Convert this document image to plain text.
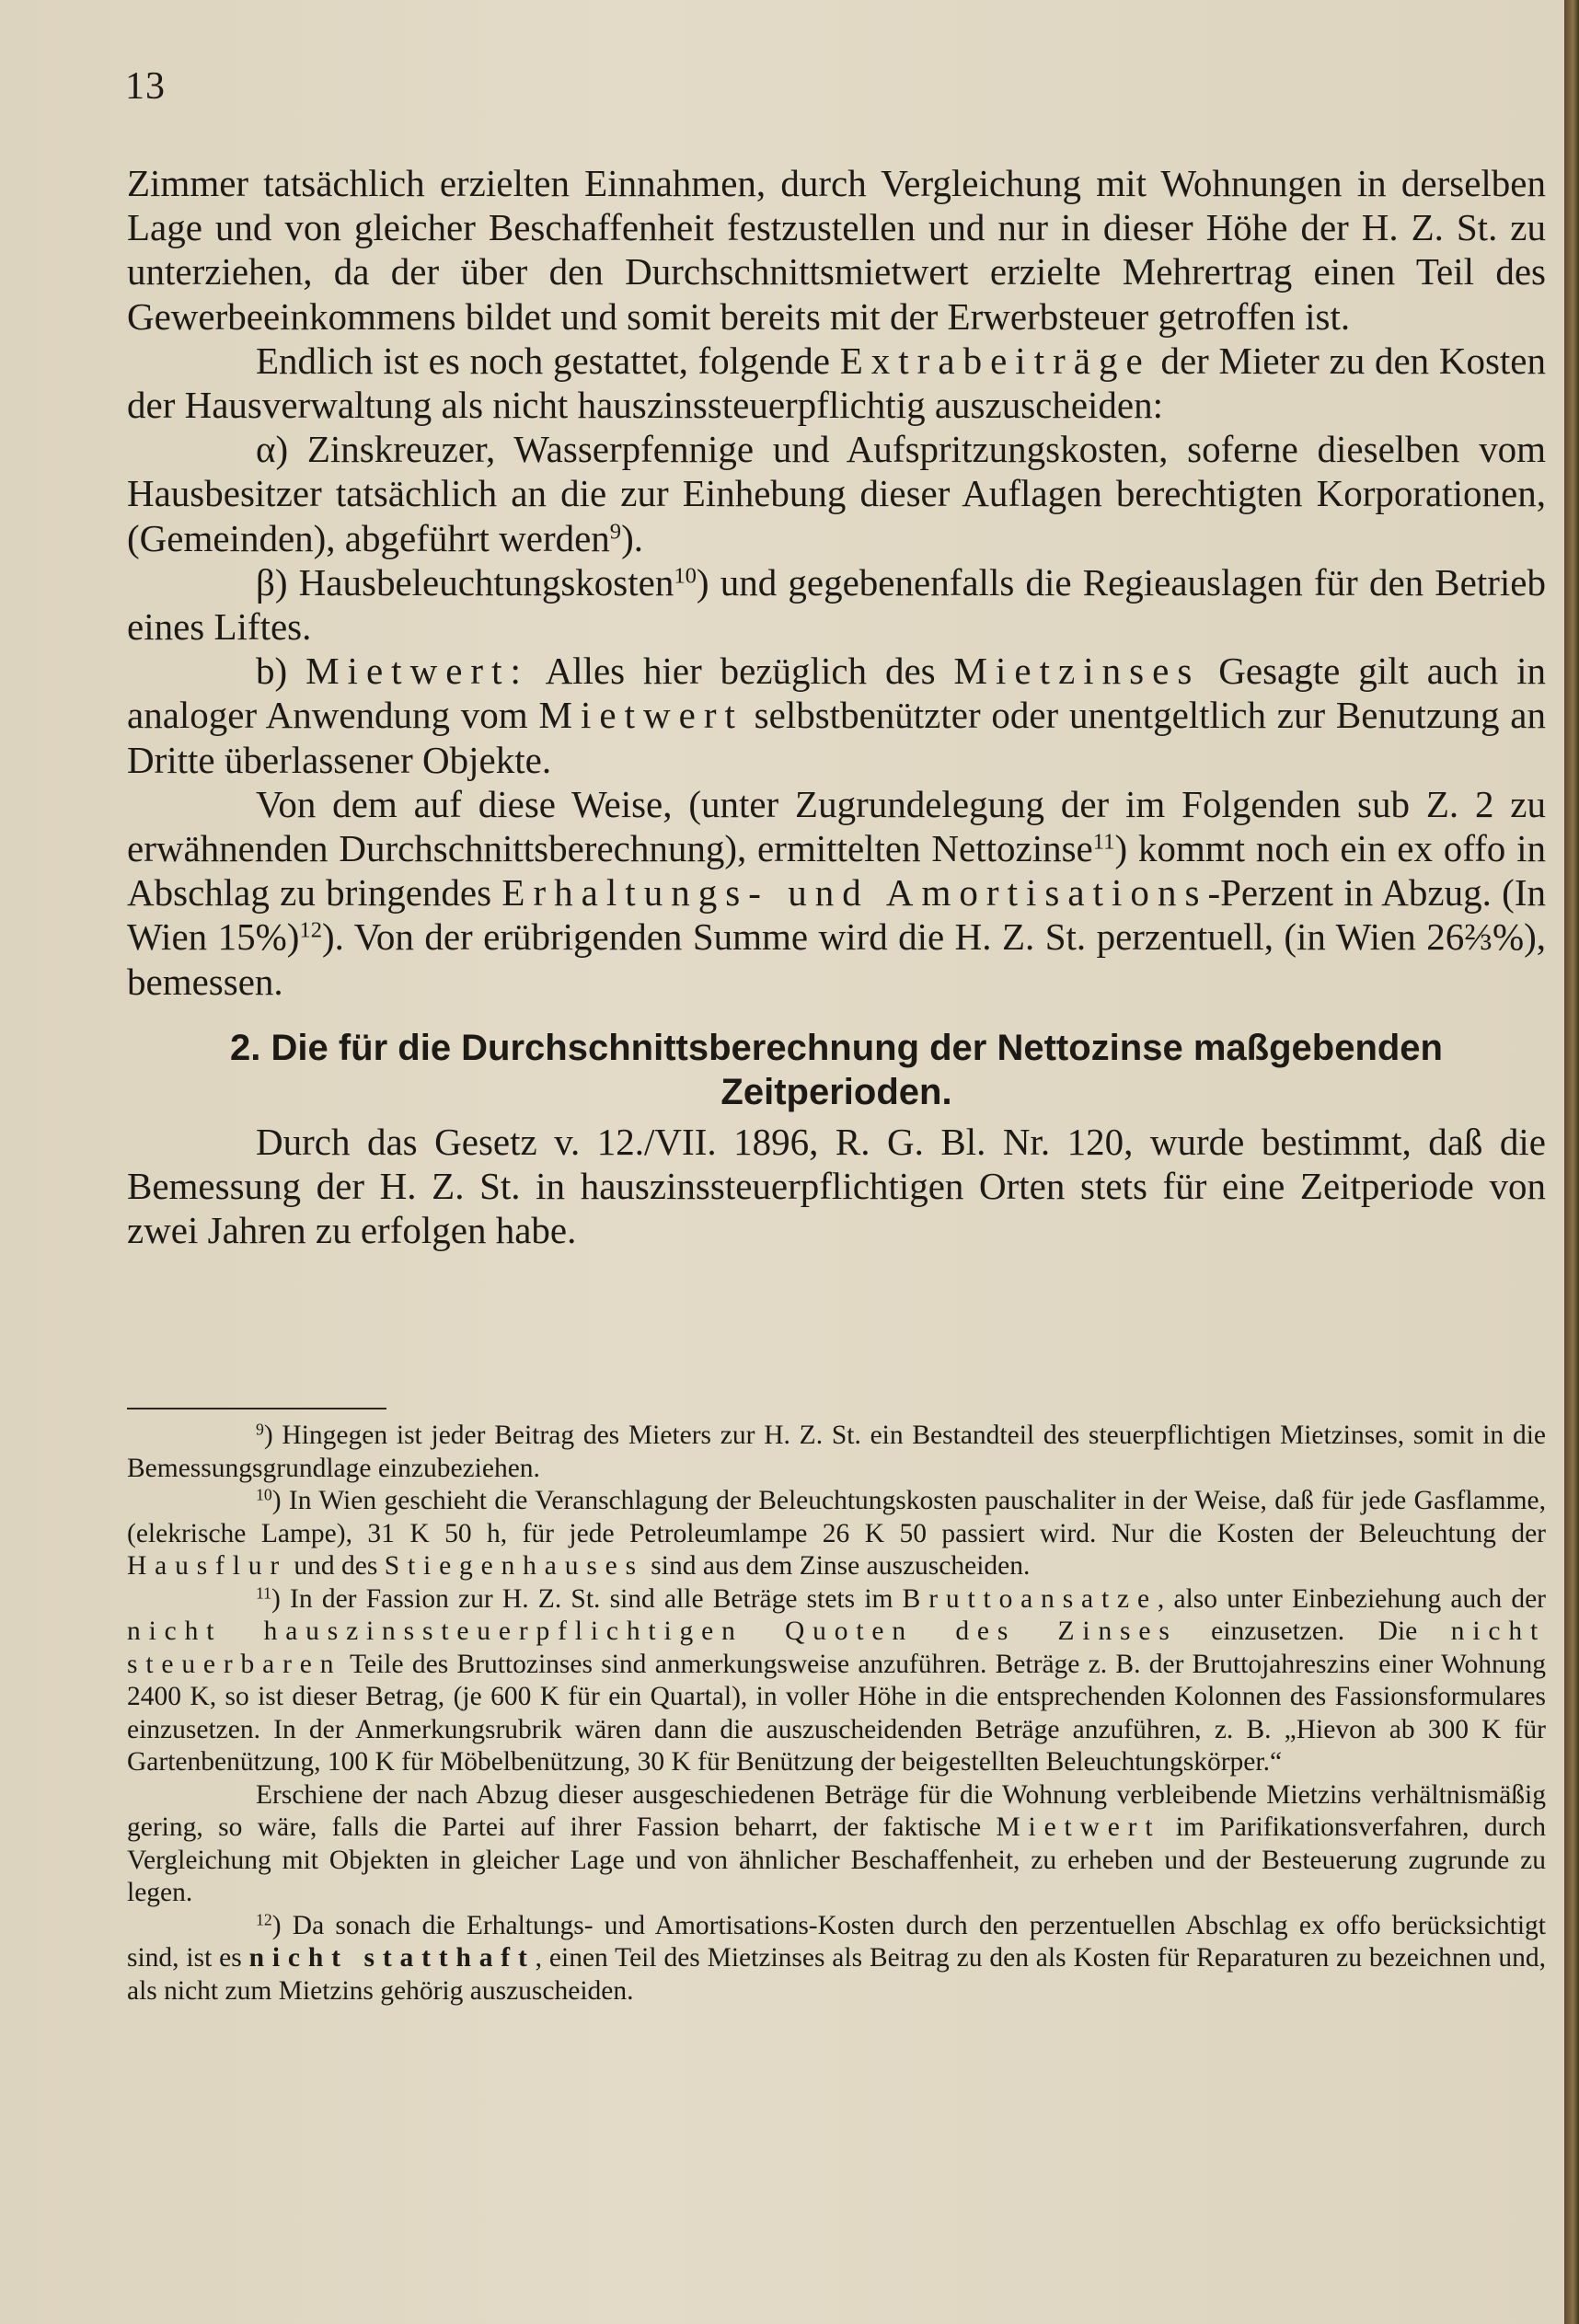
13

Zimmer tatsächlich erzielten Einnahmen, durch Vergleichung mit Wohnungen in derselben Lage und von gleicher Beschaffenheit festzustellen und nur in dieser Höhe der H. Z. St. zu unterziehen, da der über den Durchschnittsmietwert erzielte Mehrertrag einen Teil des Gewerbeeinkommens bildet und somit bereits mit der Erwerbsteuer getroffen ist.

Endlich ist es noch gestattet, folgende Extrabeiträge der Mieter zu den Kosten der Hausverwaltung als nicht hauszinssteuerpflichtig auszuscheiden:

α) Zinskreuzer, Wasserpfennige und Aufspritzungskosten, soferne dieselben vom Hausbesitzer tatsächlich an die zur Einhebung dieser Auflagen berechtigten Korporationen, (Gemeinden), abgeführt werden$^9$).

β) Hausbeleuchtungskosten$^{10}$) und gegebenenfalls die Regieauslagen für den Betrieb eines Liftes.

b) Mietwert: Alles hier bezüglich des Mietzinses Gesagte gilt auch in analoger Anwendung vom Mietwert selbstbenützter oder unentgeltlich zur Benutzung an Dritte überlassener Objekte.

Von dem auf diese Weise, (unter Zugrundelegung der im Folgenden sub Z. 2 zu erwähnenden Durchschnittsberechnung), ermittelten Nettozinse$^{11}$) kommt noch ein ex offo in Abschlag zu bringendes Erhaltungs- und Amortisations-Perzent in Abzug. (In Wien 15%)$^{12}$). Von der erübrigenden Summe wird die H. Z. St. perzentuell, (in Wien 26⅔%), bemessen.

2. Die für die Durchschnittsberechnung der Nettozinse maßgebenden Zeitperioden.

Durch das Gesetz v. 12./VII. 1896, R. G. Bl. Nr. 120, wurde bestimmt, daß die Bemessung der H. Z. St. in hauszinssteuerpflichtigen Orten stets für eine Zeitperiode von zwei Jahren zu erfolgen habe.

$^9$) Hingegen ist jeder Beitrag des Mieters zur H. Z. St. ein Bestandteil des steuerpflichtigen Mietzinses, somit in die Bemessungsgrundlage einzubeziehen.

$^{10}$) In Wien geschieht die Veranschlagung der Beleuchtungskosten pauschaliter in der Weise, daß für jede Gasflamme, (elekrische Lampe), 31 K 50 h, für jede Petroleumlampe 26 K 50 passiert wird. Nur die Kosten der Beleuchtung der Hausflur und des Stiegenhauses sind aus dem Zinse auszuscheiden.

$^{11}$) In der Fassion zur H. Z. St. sind alle Beträge stets im Bruttoansatze, also unter Einbeziehung auch der nicht hauszinssteuerpflichtigen Quoten des Zinses einzusetzen. Die nicht steuerbaren Teile des Bruttozinses sind anmerkungsweise anzuführen. Beträge z. B. der Bruttojahreszins einer Wohnung 2400 K, so ist dieser Betrag, (je 600 K für ein Quartal), in voller Höhe in die entsprechenden Kolonnen des Fassionsformulares einzusetzen. In der Anmerkungsrubrik wären dann die auszuscheidenden Beträge anzuführen, z. B. „Hievon ab 300 K für Gartenbenützung, 100 K für Möbelbenützung, 30 K für Benützung der beigestellten Beleuchtungskörper.“

Erschiene der nach Abzug dieser ausgeschiedenen Beträge für die Wohnung verbleibende Mietzins verhältnismäßig gering, so wäre, falls die Partei auf ihrer Fassion beharrt, der faktische Mietwert im Parifikationsverfahren, durch Vergleichung mit Objekten in gleicher Lage und von ähnlicher Beschaffenheit, zu erheben und der Besteuerung zugrunde zu legen.

$^{12}$) Da sonach die Erhaltungs- und Amortisations-Kosten durch den perzentuellen Abschlag ex offo berücksichtigt sind, ist es nicht statthaft, einen Teil des Mietzinses als Beitrag zu den als Kosten für Reparaturen zu bezeichnen und, als nicht zum Mietzins gehörig auszuscheiden.
